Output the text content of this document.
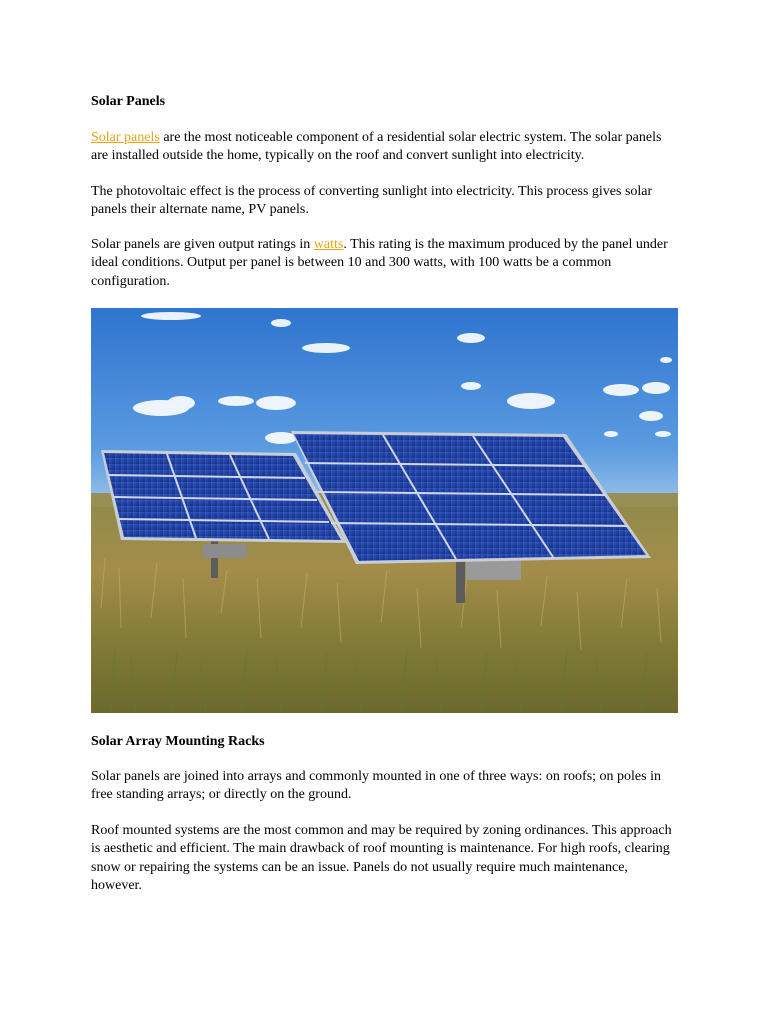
Solar Panels

Solar panels are the most noticeable component of a residential solar electric system. The solar panels are installed outside the home, typically on the roof and convert sunlight into electricity.

The photovoltaic effect is the process of converting sunlight into electricity. This process gives solar panels their alternate name, PV panels.

Solar panels are given output ratings in watts. This rating is the maximum produced by the panel under ideal conditions. Output per panel is between 10 and 300 watts, with 100 watts be a common configuration.

Solar Array Mounting Racks

Solar panels are joined into arrays and commonly mounted in one of three ways: on roofs; on poles in free standing arrays; or directly on the ground.

Roof mounted systems are the most common and may be required by zoning ordinances. This approach is aesthetic and efficient. The main drawback of roof mounting is maintenance. For high roofs, clearing snow or repairing the systems can be an issue. Panels do not usually require much maintenance, however.
